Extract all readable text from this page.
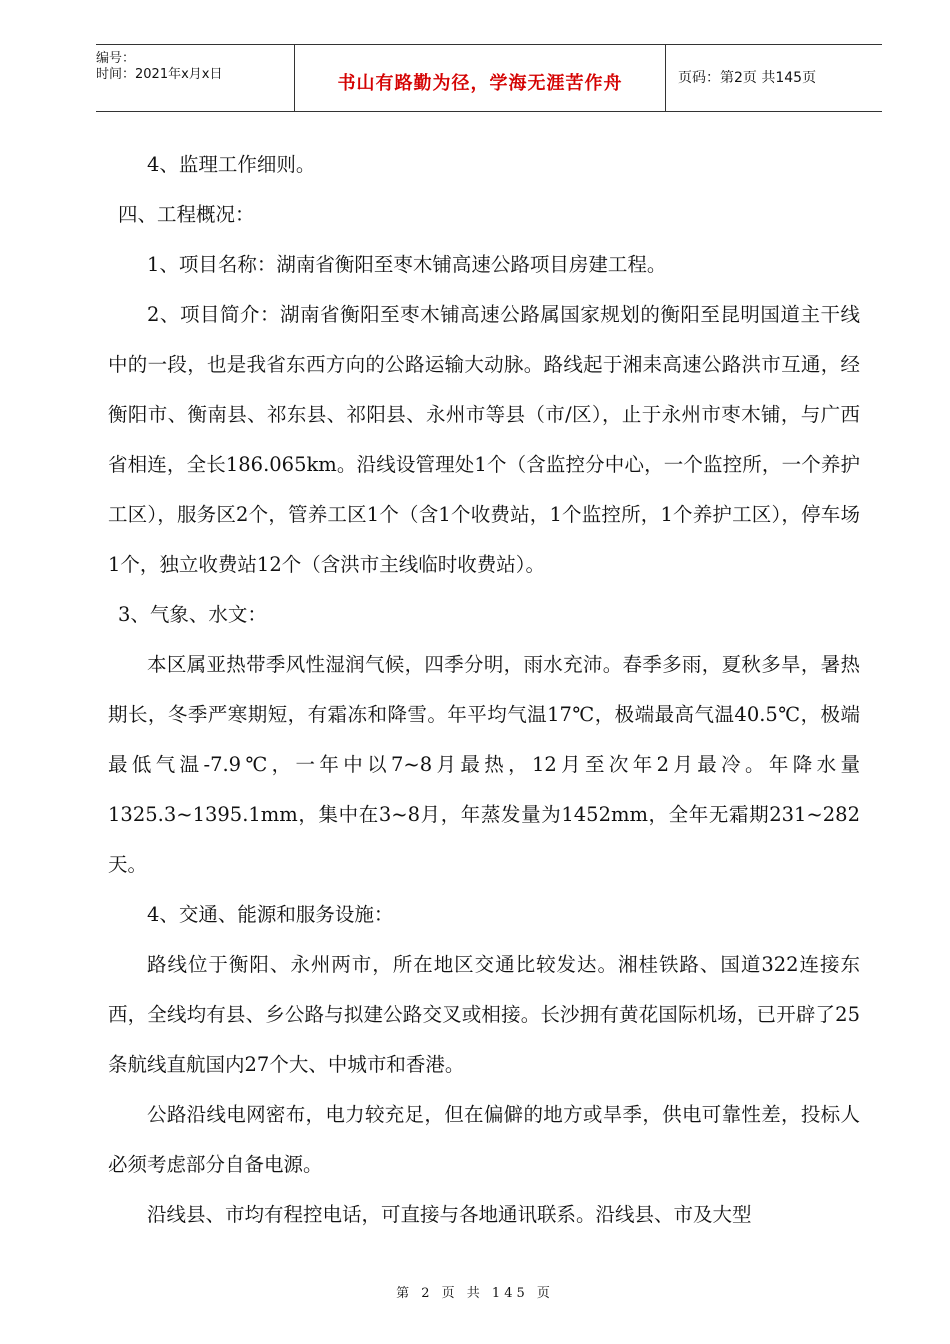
编号：
时间：2021年x月x日	书山有路勤为径，学海无涯苦作舟	页码：第2页 共145页

4、监理工作细则。

四、工程概况：

1、项目名称：湖南省衡阳至枣木铺高速公路项目房建工程。

2、项目简介：湖南省衡阳至枣木铺高速公路属国家规划的衡阳至昆明国道主干线中的一段，也是我省东西方向的公路运输大动脉。路线起于湘耒高速公路洪市互通，经衡阳市、衡南县、祁东县、祁阳县、永州市等县（市/区），止于永州市枣木铺，与广西省相连，全长186.065km。沿线设管理处1个（含监控分中心，一个监控所，一个养护工区），服务区2个，管养工区1个（含1个收费站，1个监控所，1个养护工区），停车场1个，独立收费站12个（含洪市主线临时收费站）。

3、气象、水文：

本区属亚热带季风性湿润气候，四季分明，雨水充沛。春季多雨，夏秋多旱，暑热期长，冬季严寒期短，有霜冻和降雪。年平均气温17℃，极端最高气温40.5℃，极端最低气温-7.9℃，一年中以7~8月最热，12月至次年2月最冷。年降水量1325.3~1395.1mm，集中在3~8月，年蒸发量为1452mm，全年无霜期231~282天。

4、交通、能源和服务设施：

路线位于衡阳、永州两市，所在地区交通比较发达。湘桂铁路、国道322连接东西，全线均有县、乡公路与拟建公路交叉或相接。长沙拥有黄花国际机场，已开辟了25条航线直航国内27个大、中城市和香港。

公路沿线电网密布，电力较充足，但在偏僻的地方或旱季，供电可靠性差，投标人必须考虑部分自备电源。

沿线县、市均有程控电话，可直接与各地通讯联系。沿线县、市及大型

第 2 页 共 145 页
